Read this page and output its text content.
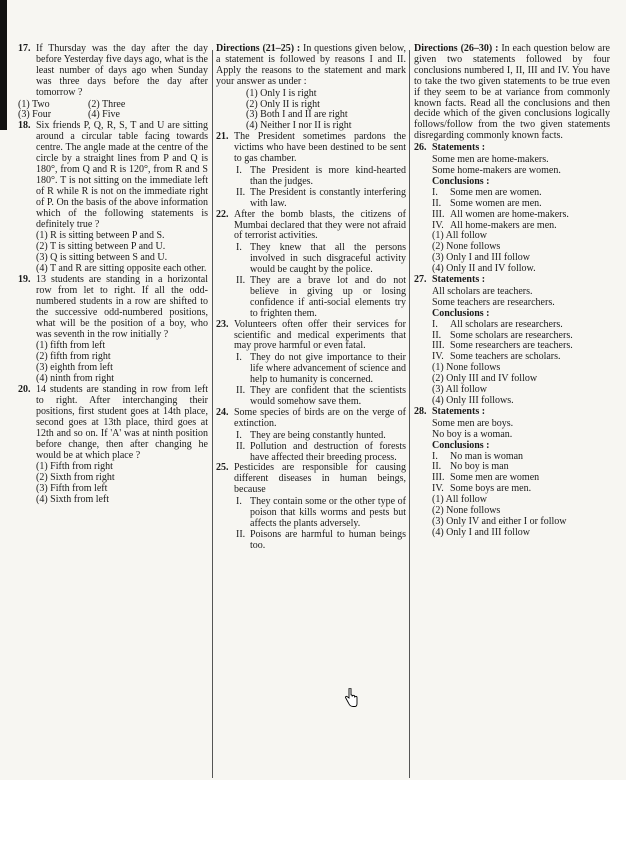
17. If Thursday was the day after the day before Yesterday five days ago, what is the least number of days ago when Sunday was three days before the day after tomorrow ?
(1) Two	(2) Three
(3) Four	(4) Five
18. Six friends P, Q, R, S, T and U are sitting around a circular table facing towards centre. The angle made at the centre of the circle by a straight lines from P and Q is 180°, from Q and R is 120°, from R and S 180°. T is not sitting on the immediate left of R while R is not on the immediate right of P. On the basis of the above information which of the following statements is definitely true ?
(1) R is sitting between P and S.
(2) T is sitting between P and U.
(3) Q is sitting between S and U.
(4) T and R are sitting opposite each other.
19. 13 students are standing in a horizontal row from let to right. If all the odd-numbered students in a row are shifted to the successive odd-numbered positions, what will be the position of a boy, who was seventh in the row initially ?
(1) fifth from left
(2) fifth from right
(3) eighth from left
(4) ninth from right
20. 14 students are standing in row from left to right. After interchanging their positions, first student goes at 14th place, second goes at 13th place, third goes at 12th and so on. If 'A' was at ninth position before change, then after changing he would be at which place ?
(1) Fifth from right
(2) Sixth from right
(3) Fifth from left
(4) Sixth from left
Directions (21–25) : In questions given below, a statement is followed by reasons I and II. Apply the reasons to the statement and mark your answer as under :
(1) Only I is right
(2) Only II is right
(3) Both I and II are right
(4) Neither I nor II is right
21. The President sometimes pardons the victims who have been destined to be sent to gas chamber.
I. The President is more kind-hearted than the judges.
II. The President is constantly interfering with law.
22. After the bomb blasts, the citizens of Mumbai declared that they were not afraid of terrorist activities.
I. They knew that all the persons involved in such disgraceful activity would be caught by the police.
II. They are a brave lot and do not believe in giving up or losing confidence if anti-social elements try to frighten them.
23. Volunteers often offer their services for scientific and medical experiments that may prove harmful or even fatal.
I. They do not give importance to their life where advancement of science and help to humanity is concerned.
II. They are confident that the scientists would somehow save them.
24. Some species of birds are on the verge of extinction.
I. They are being constantly hunted.
II. Pollution and destruction of forests have affected their breeding process.
25. Pesticides are responsible for causing different diseases in human beings, because
I. They contain some or the other type of poison that kills worms and pests but affects the plants adversely.
II. Poisons are harmful to human beings too.
Directions (26–30) : In each question below are given two statements followed by four conclusions numbered I, II, III and IV. You have to take the two given statements to be true even if they seem to be at variance from commonly known facts. Read all the conclusions and then decide which of the given conclusions logically follows/follow from the two given statements disregarding commonly known facts.
26. Statements :
Some men are home-makers.
Some home-makers are women.
Conclusions :
I.	Some men are women.
II. Some women are men.
III. All women are home-makers.
IV. All home-makers are men.
(1) All follow
(2) None follows
(3) Only I and III follow
(4) Only II and IV follow.
27. Statements :
All scholars are teachers.
Some teachers are researchers.
Conclusions :
I.	All scholars are researchers.
II. Some scholars are researchers.
III. Some researchers are teachers.
IV. Some teachers are scholars.
(1) None follows
(2) Only III and IV follow
(3) All follow
(4) Only III follows.
28. Statements :
Some men are boys.
No boy is a woman.
Conclusions :
I.	No man is woman
II. No boy is man
III. Some men are women
IV. Some boys are men.
(1) All follow
(2) None follows
(3) Only IV and either I or follow
(4) Only I and III follow
